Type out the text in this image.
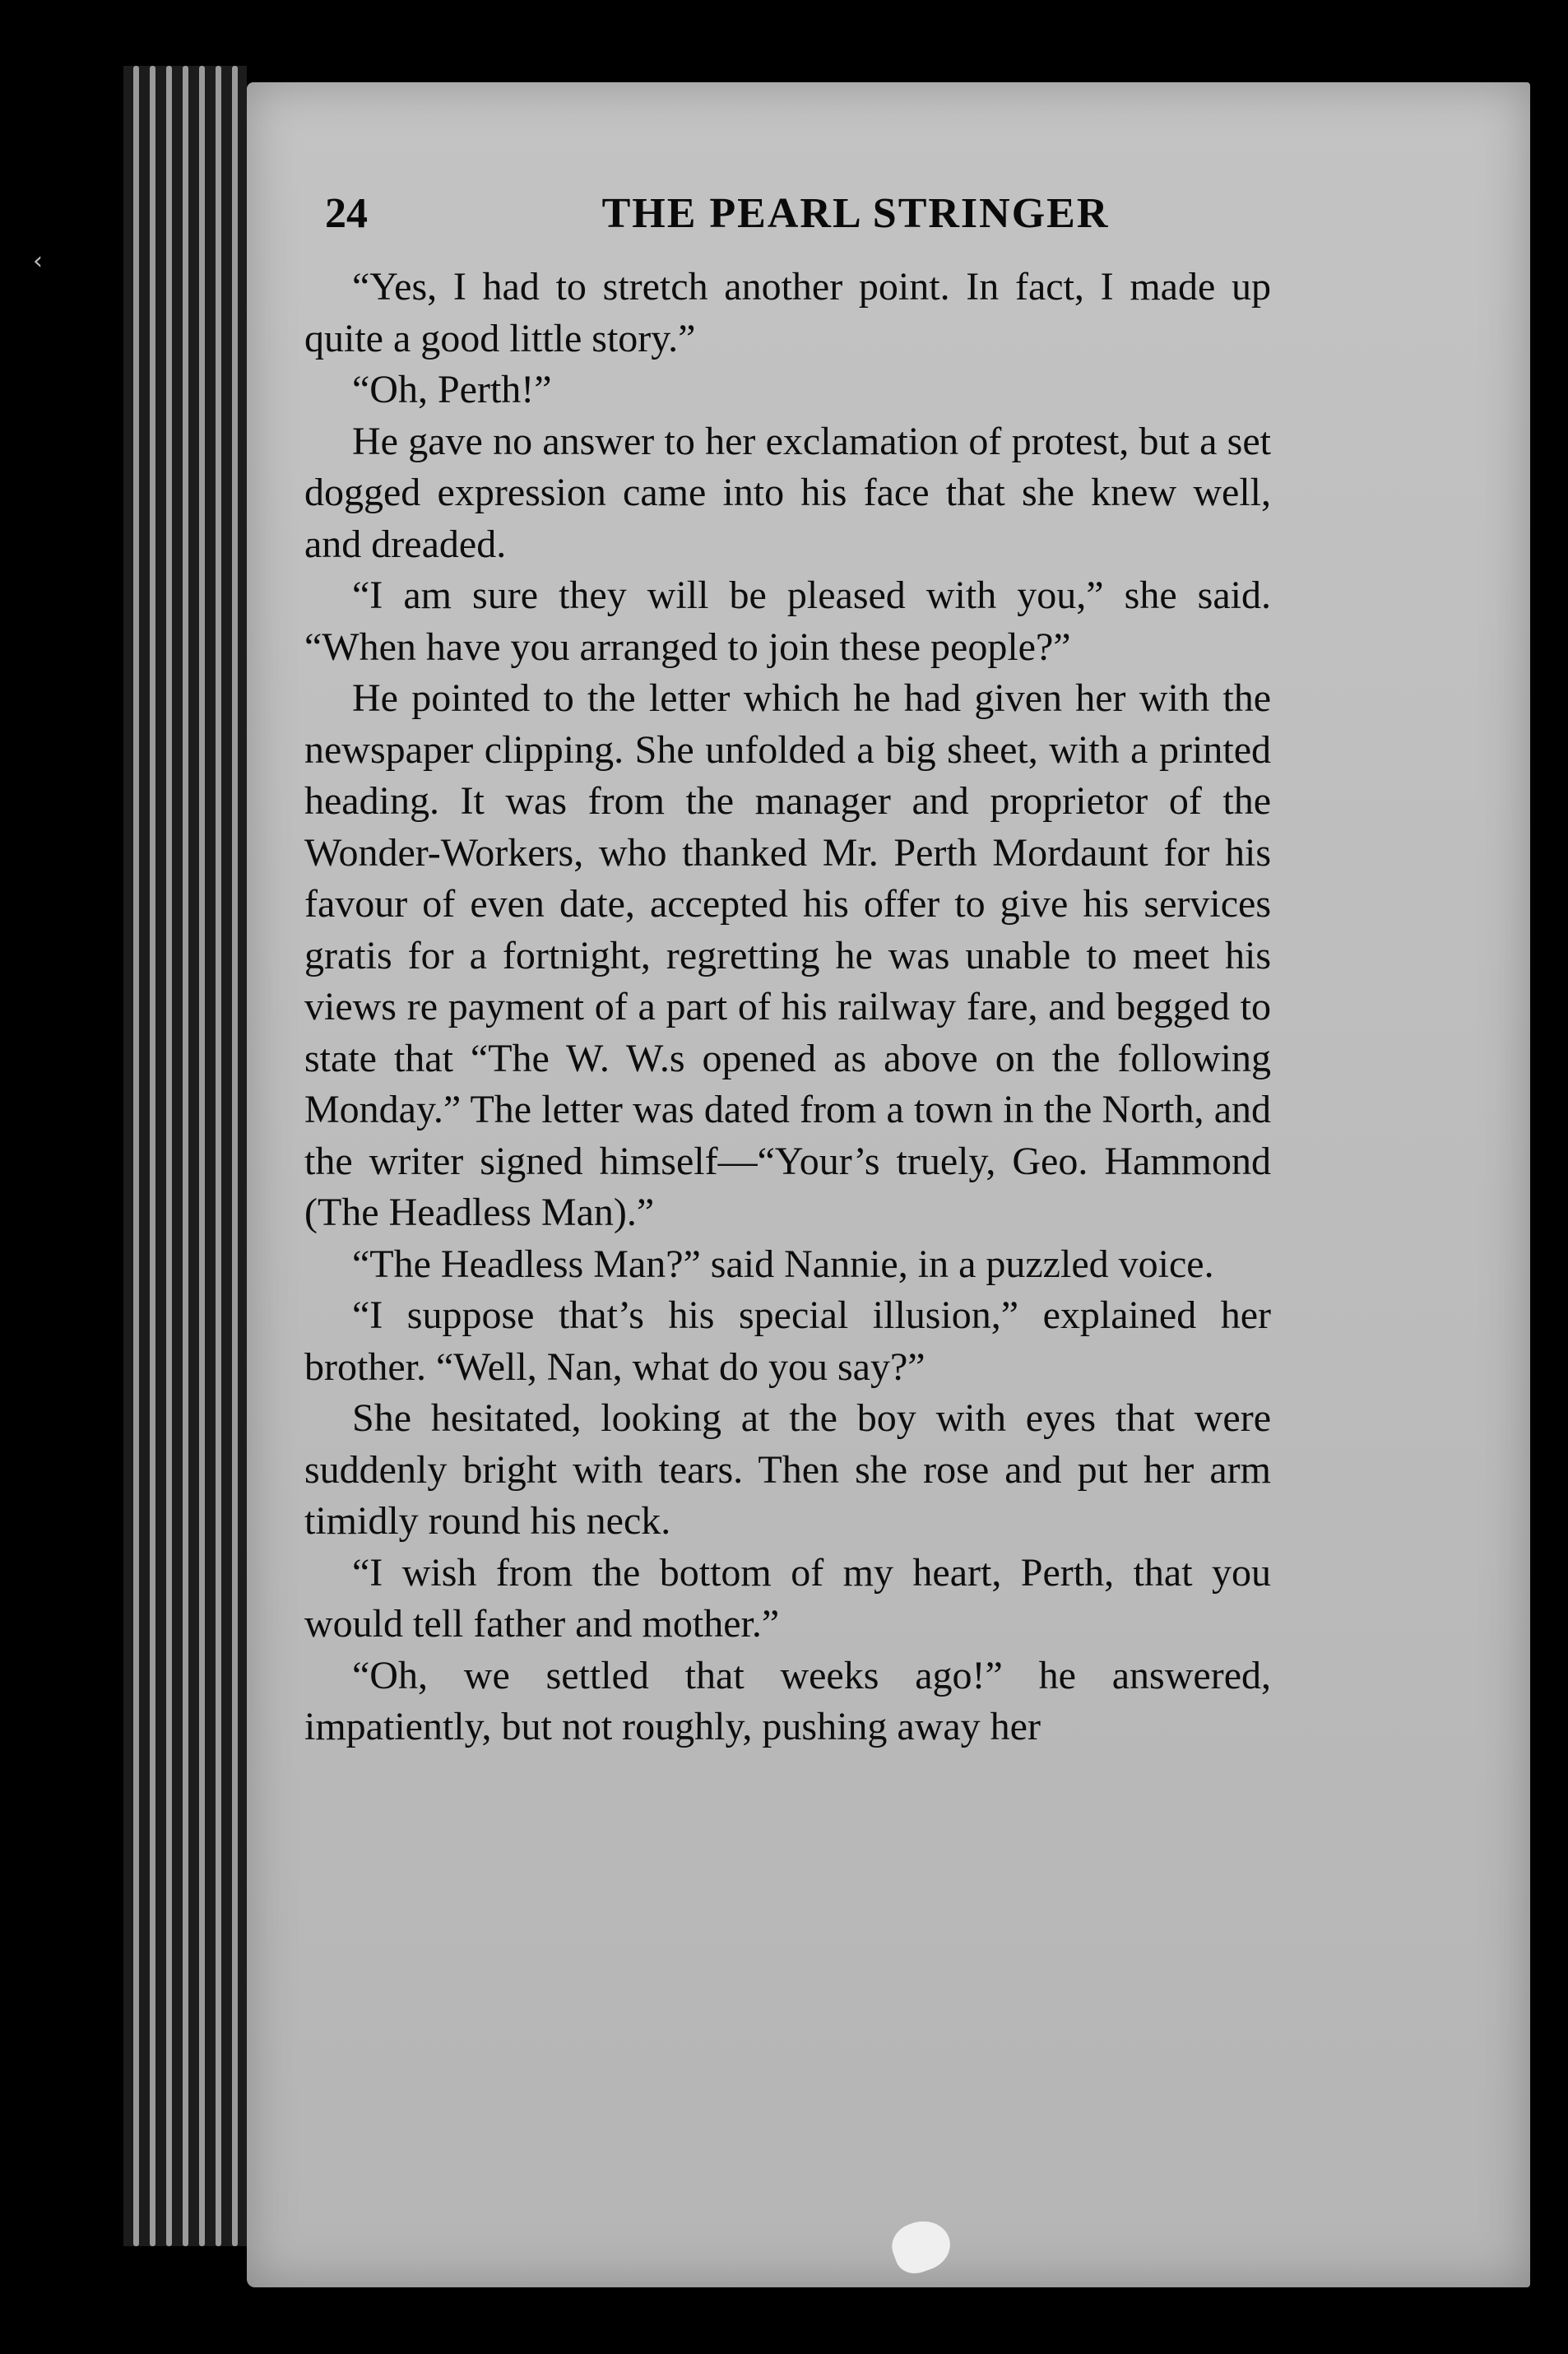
‹
24	THE PEARL STRINGER

“Yes, I had to stretch another point. In fact, I made up quite a good little story.”

“Oh, Perth!”

He gave no answer to her exclamation of protest, but a set dogged expression came into his face that she knew well, and dreaded.

“I am sure they will be pleased with you,” she said. “When have you arranged to join these people?”

He pointed to the letter which he had given her with the newspaper clipping. She unfolded a big sheet, with a printed heading. It was from the manager and proprietor of the Wonder-Workers, who thanked Mr. Perth Mordaunt for his favour of even date, accepted his offer to give his services gratis for a fortnight, regretting he was unable to meet his views re payment of a part of his railway fare, and begged to state that “The W. W.s opened as above on the following Monday.” The letter was dated from a town in the North, and the writer signed himself—“Your’s truely, Geo. Hammond (The Headless Man).”

“The Headless Man?” said Nannie, in a puzzled voice.

“I suppose that’s his special illusion,” explained her brother. “Well, Nan, what do you say?”

She hesitated, looking at the boy with eyes that were suddenly bright with tears. Then she rose and put her arm timidly round his neck.

“I wish from the bottom of my heart, Perth, that you would tell father and mother.”

“Oh, we settled that weeks ago!” he answered, impatiently, but not roughly, pushing away her
